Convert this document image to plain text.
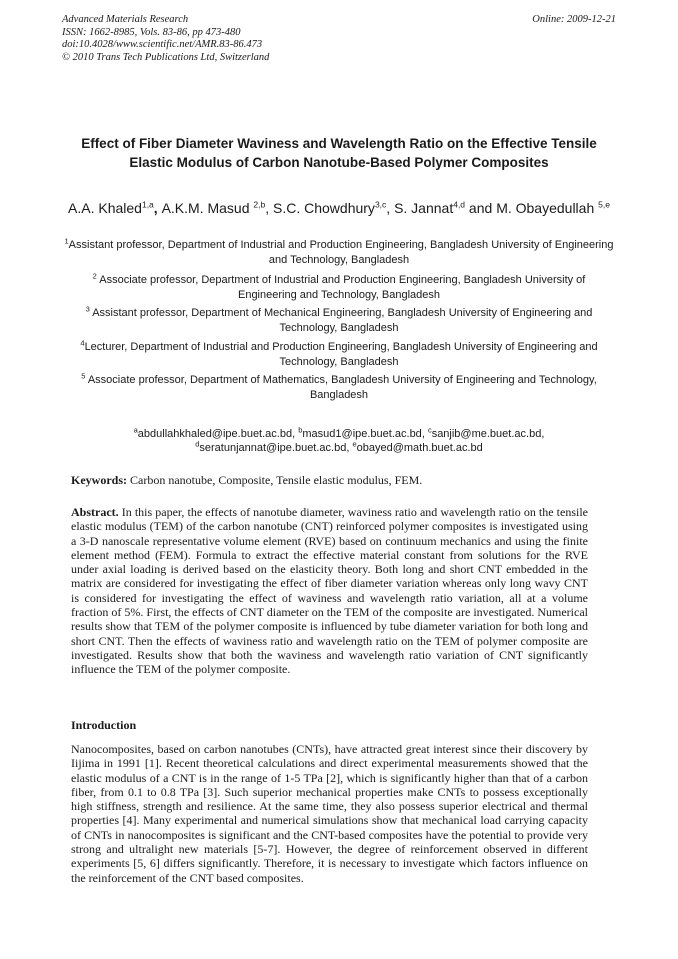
Advanced Materials Research
ISSN: 1662-8985, Vols. 83-86, pp 473-480
doi:10.4028/www.scientific.net/AMR.83-86.473
© 2010 Trans Tech Publications Ltd, Switzerland
Online: 2009-12-21
Effect of Fiber Diameter Waviness and Wavelength Ratio on the Effective Tensile Elastic Modulus of Carbon Nanotube-Based Polymer Composites
A.A. Khaled$^{1,a}$, A.K.M. Masud $^{2,b}$, S.C. Chowdhury$^{3,c}$, S. Jannat$^{4,d}$ and M. Obayedullah $^{5,e}$
$^1$Assistant professor, Department of Industrial and Production Engineering, Bangladesh University of Engineering and Technology, Bangladesh
$^2$ Associate professor, Department of Industrial and Production Engineering, Bangladesh University of Engineering and Technology, Bangladesh
$^3$ Assistant professor, Department of Mechanical Engineering, Bangladesh University of Engineering and Technology, Bangladesh
$^4$Lecturer, Department of Industrial and Production Engineering, Bangladesh University of Engineering and Technology, Bangladesh
$^5$ Associate professor, Department of Mathematics, Bangladesh University of Engineering and Technology, Bangladesh
$^a$abdullahkhaled@ipe.buet.ac.bd, $^b$masud1@ipe.buet.ac.bd, $^c$sanjib@me.buet.ac.bd,
$^d$seratunjannat@ipe.buet.ac.bd, $^e$obayed@math.buet.ac.bd
Keywords: Carbon nanotube, Composite, Tensile elastic modulus, FEM.
Abstract. In this paper, the effects of nanotube diameter, waviness ratio and wavelength ratio on the tensile elastic modulus (TEM) of the carbon nanotube (CNT) reinforced polymer composites is investigated using a 3-D nanoscale representative volume element (RVE) based on continuum mechanics and using the finite element method (FEM). Formula to extract the effective material constant from solutions for the RVE under axial loading is derived based on the elasticity theory. Both long and short CNT embedded in the matrix are considered for investigating the effect of fiber diameter variation whereas only long wavy CNT is considered for investigating the effect of waviness and wavelength ratio variation, all at a volume fraction of 5%. First, the effects of CNT diameter on the TEM of the composite are investigated. Numerical results show that TEM of the polymer composite is influenced by tube diameter variation for both long and short CNT. Then the effects of waviness ratio and wavelength ratio on the TEM of polymer composite are investigated. Results show that both the waviness and wavelength ratio variation of CNT significantly influence the TEM of the polymer composite.
Introduction
Nanocomposites, based on carbon nanotubes (CNTs), have attracted great interest since their discovery by Iijima in 1991 [1]. Recent theoretical calculations and direct experimental measurements showed that the elastic modulus of a CNT is in the range of 1-5 TPa [2], which is significantly higher than that of a carbon fiber, from 0.1 to 0.8 TPa [3]. Such superior mechanical properties make CNTs to possess exceptionally high stiffness, strength and resilience. At the same time, they also possess superior electrical and thermal properties [4]. Many experimental and numerical simulations show that mechanical load carrying capacity of CNTs in nanocomposites is significant and the CNT-based composites have the potential to provide very strong and ultralight new materials [5-7]. However, the degree of reinforcement observed in different experiments [5, 6] differs significantly. Therefore, it is necessary to investigate which factors influence on the reinforcement of the CNT based composites.
